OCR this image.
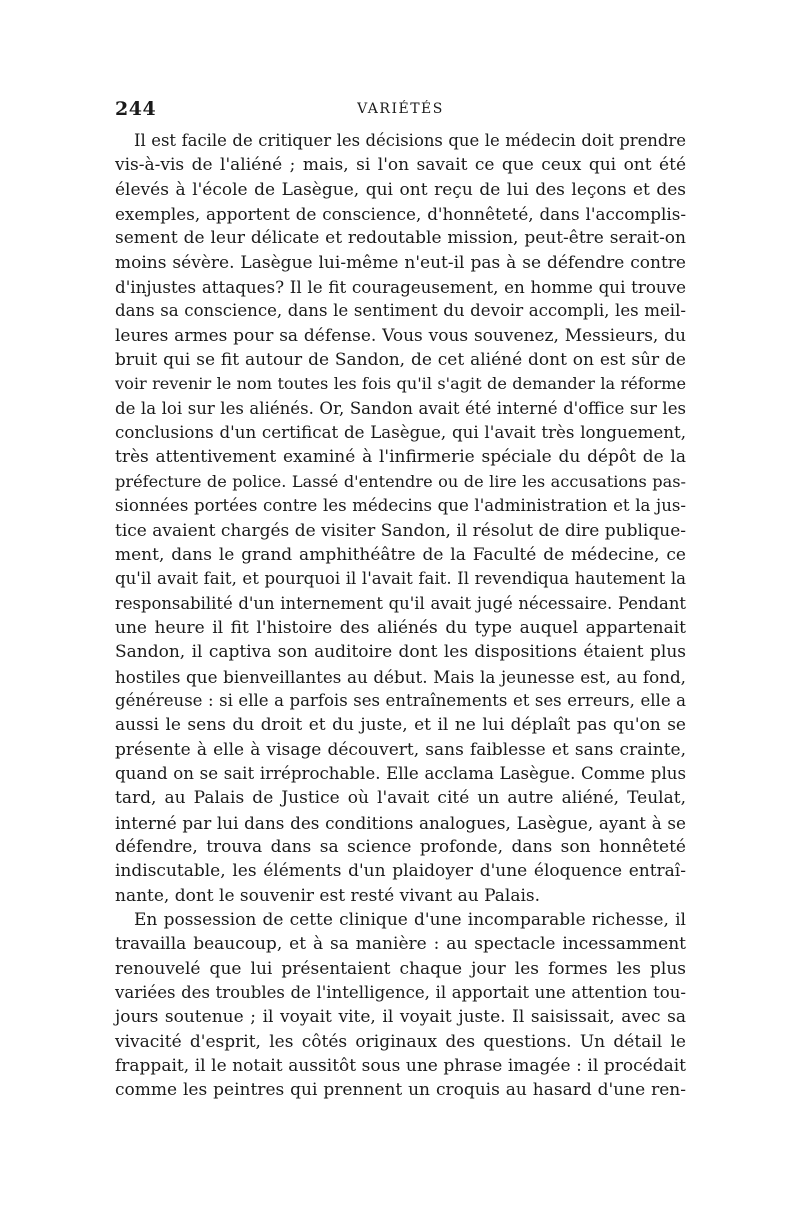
244	VARIÉTÉS
Il est facile de critiquer les décisions que le médecin doit prendre
vis-à-vis de l'aliéné ; mais, si l'on savait ce que ceux qui ont été
élevés à l'école de Lasègue, qui ont reçu de lui des leçons et des
exemples, apportent de conscience, d'honnêteté, dans l'accomplis-
sement de leur délicate et redoutable mission, peut-être serait-on
moins sévère. Lasègue lui-même n'eut-il pas à se défendre contre
d'injustes attaques? Il le fit courageusement, en homme qui trouve
dans sa conscience, dans le sentiment du devoir accompli, les meil-
leures armes pour sa défense. Vous vous souvenez, Messieurs, du
bruit qui se fit autour de Sandon, de cet aliéné dont on est sûr de
voir revenir le nom toutes les fois qu'il s'agit de demander la réforme
de la loi sur les aliénés. Or, Sandon avait été interné d'office sur les
conclusions d'un certificat de Lasègue, qui l'avait très longuement,
très attentivement examiné à l'infirmerie spéciale du dépôt de la
préfecture de police. Lassé d'entendre ou de lire les accusations pas-
sionnées portées contre les médecins que l'administration et la jus-
tice avaient chargés de visiter Sandon, il résolut de dire publique-
ment, dans le grand amphithéâtre de la Faculté de médecine, ce
qu'il avait fait, et pourquoi il l'avait fait. Il revendiqua hautement la
responsabilité d'un internement qu'il avait jugé nécessaire. Pendant
une heure il fit l'histoire des aliénés du type auquel appartenait
Sandon, il captiva son auditoire dont les dispositions étaient plus
hostiles que bienveillantes au début. Mais la jeunesse est, au fond,
généreuse : si elle a parfois ses entraînements et ses erreurs, elle a
aussi le sens du droit et du juste, et il ne lui déplaît pas qu'on se
présente à elle à visage découvert, sans faiblesse et sans crainte,
quand on se sait irréprochable. Elle acclama Lasègue. Comme plus
tard, au Palais de Justice où l'avait cité un autre aliéné, Teulat,
interné par lui dans des conditions analogues, Lasègue, ayant à se
défendre, trouva dans sa science profonde, dans son honnêteté
indiscutable, les éléments d'un plaidoyer d'une éloquence entraî-
nante, dont le souvenir est resté vivant au Palais.
En possession de cette clinique d'une incomparable richesse, il
travailla beaucoup, et à sa manière : au spectacle incessamment
renouvelé que lui présentaient chaque jour les formes les plus
variées des troubles de l'intelligence, il apportait une attention tou-
jours soutenue ; il voyait vite, il voyait juste. Il saisissait, avec sa
vivacité d'esprit, les côtés originaux des questions. Un détail le
frappait, il le notait aussitôt sous une phrase imagée : il procédait
comme les peintres qui prennent un croquis au hasard d'une ren-
